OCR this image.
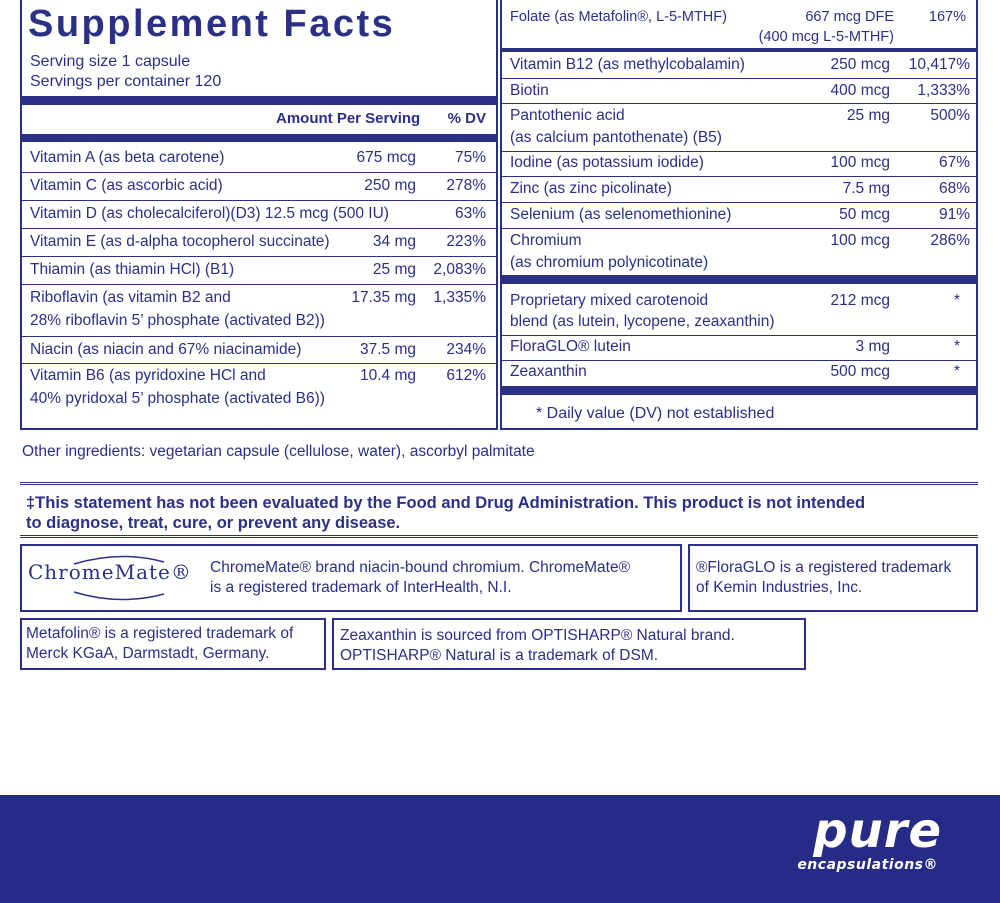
Supplement Facts
Serving size 1 capsule
Servings per container 120
Amount Per Serving % DV
Vitamin A (as beta carotene)	675 mcg	75%
Vitamin C (as ascorbic acid)	250 mg 278%
Vitamin D (as cholecalciferol)(D3) 12.5 mcg (500 IU)	63%
Vitamin E (as d-alpha tocopherol succinate)	34 mg 223%
Thiamin (as thiamin HCl) (B1)	25 mg 2,083%
Riboflavin (as vitamin B2 and	17.35 mg 1,335%
28% riboflavin 5’ phosphate (activated B2))
Niacin (as niacin and 67% niacinamide)	37.5 mg 234%
Vitamin B6 (as pyridoxine HCl and	10.4 mg 612%
40% pyridoxal 5’ phosphate (activated B6))
Folate (as Metafolin®, L-5-MTHF)	667 mcg DFE 167%
(400 mcg L-5-MTHF)
Vitamin B12 (as methylcobalamin)	250 mcg 10,417%
Biotin	400 mcg 1,333%
Pantothenic acid	25 mg	500%
(as calcium pantothenate) (B5)
Iodine (as potassium iodide)	100 mcg	67%
Zinc (as zinc picolinate)	7.5 mg	68%
Selenium (as selenomethionine)	50 mcg	91%
Chromium	100 mcg	286%
(as chromium polynicotinate)
Proprietary mixed carotenoid	212 mcg	*
blend (as lutein, lycopene, zeaxanthin)
FloraGLO® lutein	3 mg	*
Zeaxanthin	500 mcg	*
* Daily value (DV) not established
Other ingredients: vegetarian capsule (cellulose, water), ascorbyl palmitate
‡This statement has not been evaluated by the Food and Drug Administration. This product is not intended
to diagnose, treat, cure, or prevent any disease.
ChromeMate® ChromeMate® brand niacin-bound chromium. ChromeMate®
is a registered trademark of InterHealth, N.I.
®FloraGLO is a registered trademark
of Kemin Industries, Inc.
Metafolin® is a registered trademark of
Merck KGaA, Darmstadt, Germany.
Zeaxanthin is sourced from OPTISHARP® Natural brand.
OPTISHARP® Natural is a trademark of DSM.
pure
encapsulations®
